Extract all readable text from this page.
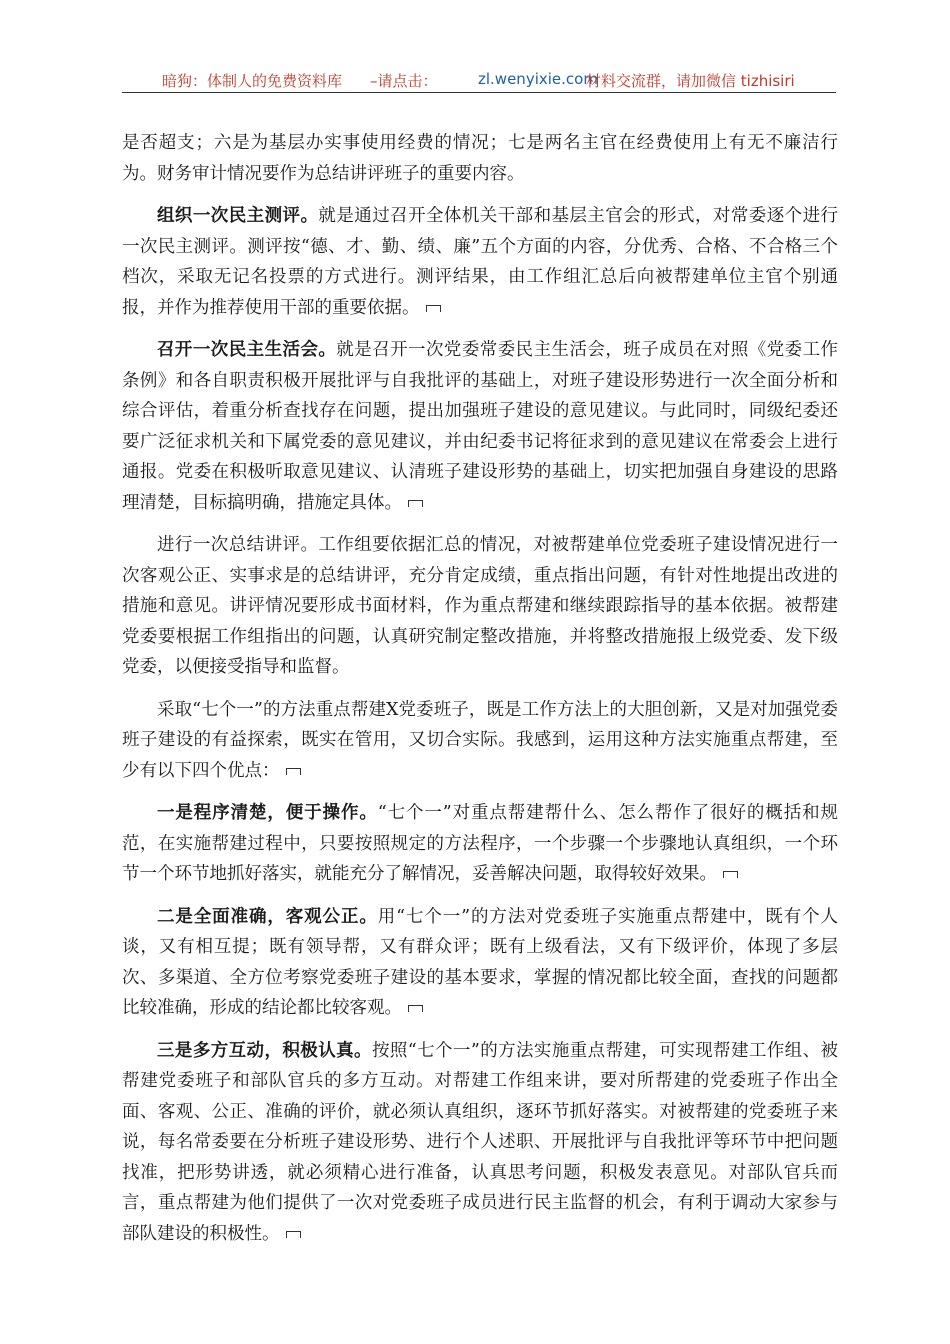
暗狗：体制人的免费资料库 –请点击：	zl.wenyixie.com
材料交流群，请加微信 tizhisiri

是否超支；六是为基层办实事使用经费的情况；七是两名主官在经费使用上有无不廉洁行为。财务审计情况要作为总结讲评班子的重要内容。

组织一次民主测评。就是通过召开全体机关干部和基层主官会的形式，对常委逐个进行一次民主测评。测评按“德、才、勤、绩、廉”五个方面的内容，分优秀、合格、不合格三个档次，采取无记名投票的方式进行。测评结果，由工作组汇总后向被帮建单位主官个别通报，并作为推荐使用干部的重要依据。

召开一次民主生活会。就是召开一次党委常委民主生活会，班子成员在对照《党委工作条例》和各自职责积极开展批评与自我批评的基础上，对班子建设形势进行一次全面分析和综合评估，着重分析查找存在问题，提出加强班子建设的意见建议。与此同时，同级纪委还要广泛征求机关和下属党委的意见建议，并由纪委书记将征求到的意见建议在常委会上进行通报。党委在积极听取意见建议、认清班子建设形势的基础上，切实把加强自身建设的思路理清楚，目标搞明确，措施定具体。

进行一次总结讲评。工作组要依据汇总的情况，对被帮建单位党委班子建设情况进行一次客观公正、实事求是的总结讲评，充分肯定成绩，重点指出问题，有针对性地提出改进的措施和意见。讲评情况要形成书面材料，作为重点帮建和继续跟踪指导的基本依据。被帮建党委要根据工作组指出的问题，认真研究制定整改措施，并将整改措施报上级党委、发下级党委，以便接受指导和监督。

采取“七个一”的方法重点帮建X党委班子，既是工作方法上的大胆创新，又是对加强党委班子建设的有益探索，既实在管用，又切合实际。我感到，运用这种方法实施重点帮建，至少有以下四个优点：

一是程序清楚，便于操作。“七个一”对重点帮建帮什么、怎么帮作了很好的概括和规范，在实施帮建过程中，只要按照规定的方法程序，一个步骤一个步骤地认真组织，一个环节一个环节地抓好落实，就能充分了解情况，妥善解决问题，取得较好效果。

二是全面准确，客观公正。用“七个一”的方法对党委班子实施重点帮建中，既有个人谈，又有相互提；既有领导帮，又有群众评；既有上级看法，又有下级评价，体现了多层次、多渠道、全方位考察党委班子建设的基本要求，掌握的情况都比较全面，查找的问题都比较准确，形成的结论都比较客观。

三是多方互动，积极认真。按照“七个一”的方法实施重点帮建，可实现帮建工作组、被帮建党委班子和部队官兵的多方互动。对帮建工作组来讲，要对所帮建的党委班子作出全面、客观、公正、准确的评价，就必须认真组织，逐环节抓好落实。对被帮建的党委班子来说，每名常委要在分析班子建设形势、进行个人述职、开展批评与自我批评等环节中把问题找准，把形势讲透，就必须精心进行准备，认真思考问题，积极发表意见。对部队官兵而言，重点帮建为他们提供了一次对党委班子成员进行民主监督的机会，有利于调动大家参与部队建设的积极性。
